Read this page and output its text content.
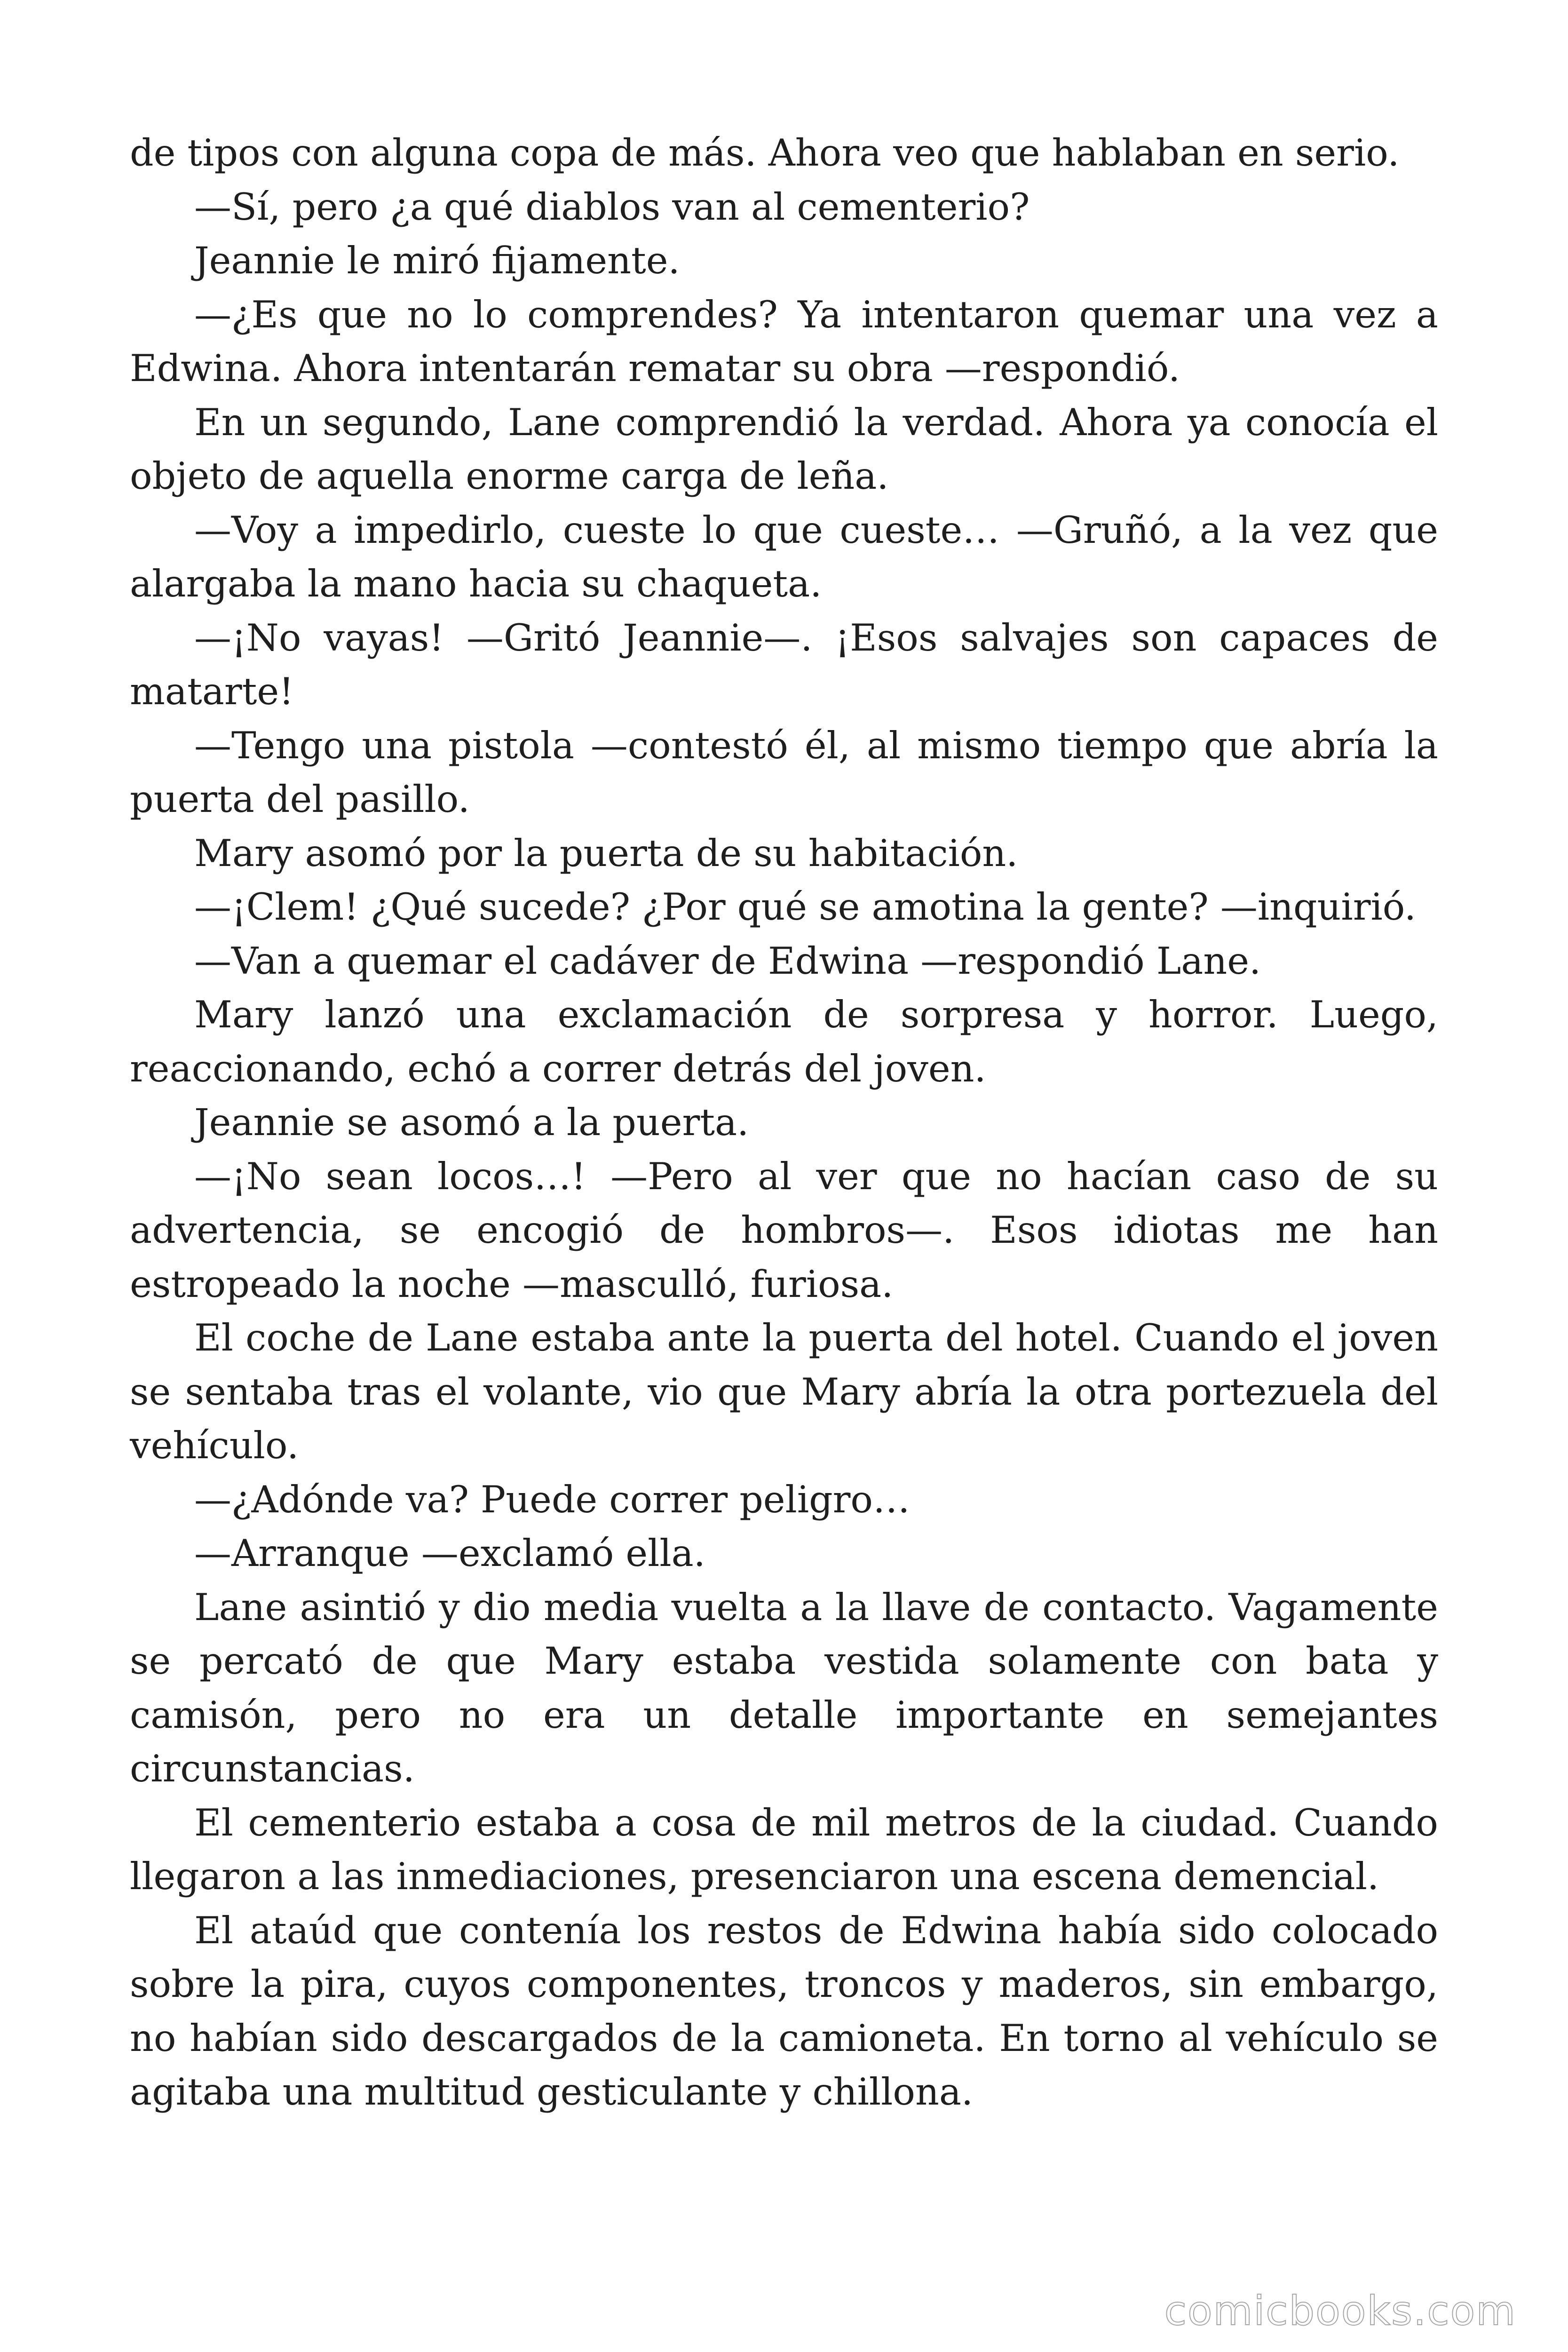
de tipos con alguna copa de más. Ahora veo que hablaban en serio.

—Sí, pero ¿a qué diablos van al cementerio?

Jeannie le miró fijamente.

—¿Es que no lo comprendes? Ya intentaron quemar una vez a Edwina. Ahora intentarán rematar su obra —respondió.

En un segundo, Lane comprendió la verdad. Ahora ya conocía el objeto de aquella enorme carga de leña.

—Voy a impedirlo, cueste lo que cueste… —Gruñó, a la vez que alargaba la mano hacia su chaqueta.

—¡No vayas! —Gritó Jeannie—. ¡Esos salvajes son capaces de matarte!

—Tengo una pistola —contestó él, al mismo tiempo que abría la puerta del pasillo.

Mary asomó por la puerta de su habitación.

—¡Clem! ¿Qué sucede? ¿Por qué se amotina la gente? —inquirió.

—Van a quemar el cadáver de Edwina —respondió Lane.

Mary lanzó una exclamación de sorpresa y horror. Luego, reaccionando, echó a correr detrás del joven.

Jeannie se asomó a la puerta.

—¡No sean locos…! —Pero al ver que no hacían caso de su advertencia, se encogió de hombros—. Esos idiotas me han estropeado la noche —masculló, furiosa.

El coche de Lane estaba ante la puerta del hotel. Cuando el joven se sentaba tras el volante, vio que Mary abría la otra portezuela del vehículo.

—¿Adónde va? Puede correr peligro…

—Arranque —exclamó ella.

Lane asintió y dio media vuelta a la llave de contacto. Vagamente se percató de que Mary estaba vestida solamente con bata y camisón, pero no era un detalle importante en semejantes circunstancias.

El cementerio estaba a cosa de mil metros de la ciudad. Cuando llegaron a las inmediaciones, presenciaron una escena demencial.

El ataúd que contenía los restos de Edwina había sido colocado sobre la pira, cuyos componentes, troncos y maderos, sin embargo, no habían sido descargados de la camioneta. En torno al vehículo se agitaba una multitud gesticulante y chillona.

comicbooks.com
